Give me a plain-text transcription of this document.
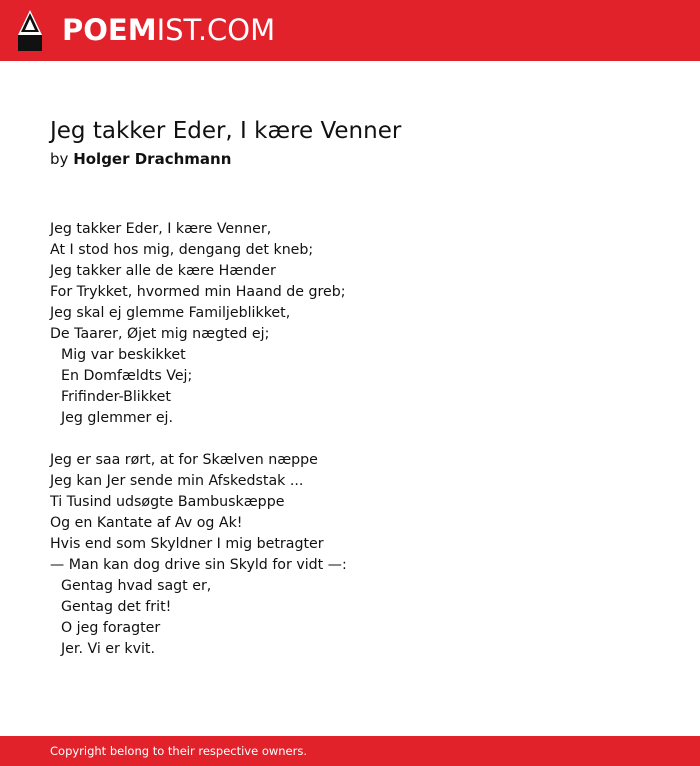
POEMIST.COM
Jeg takker Eder, I kære Venner
by Holger Drachmann
Jeg takker Eder, I kære Venner,
At I stod hos mig, dengang det kneb;
Jeg takker alle de kære Hænder
For Trykket, hvormed min Haand de greb;
Jeg skal ej glemme Familjeblikket,
De Taarer, Øjet mig nægted ej;
Mig var beskikket
En Domfældts Vej;
Frifinder-Blikket
Jeg glemmer ej.
Jeg er saa rørt, at for Skælven næppe
Jeg kan Jer sende min Afskedstak ...
Ti Tusind udsøgte Bambuskæppe
Og en Kantate af Av og Ak!
Hvis end som Skyldner I mig betragter
— Man kan dog drive sin Skyld for vidt —:
Gentag hvad sagt er,
Gentag det frit!
O jeg foragter
Jer. Vi er kvit.
Copyright belong to their respective owners.
